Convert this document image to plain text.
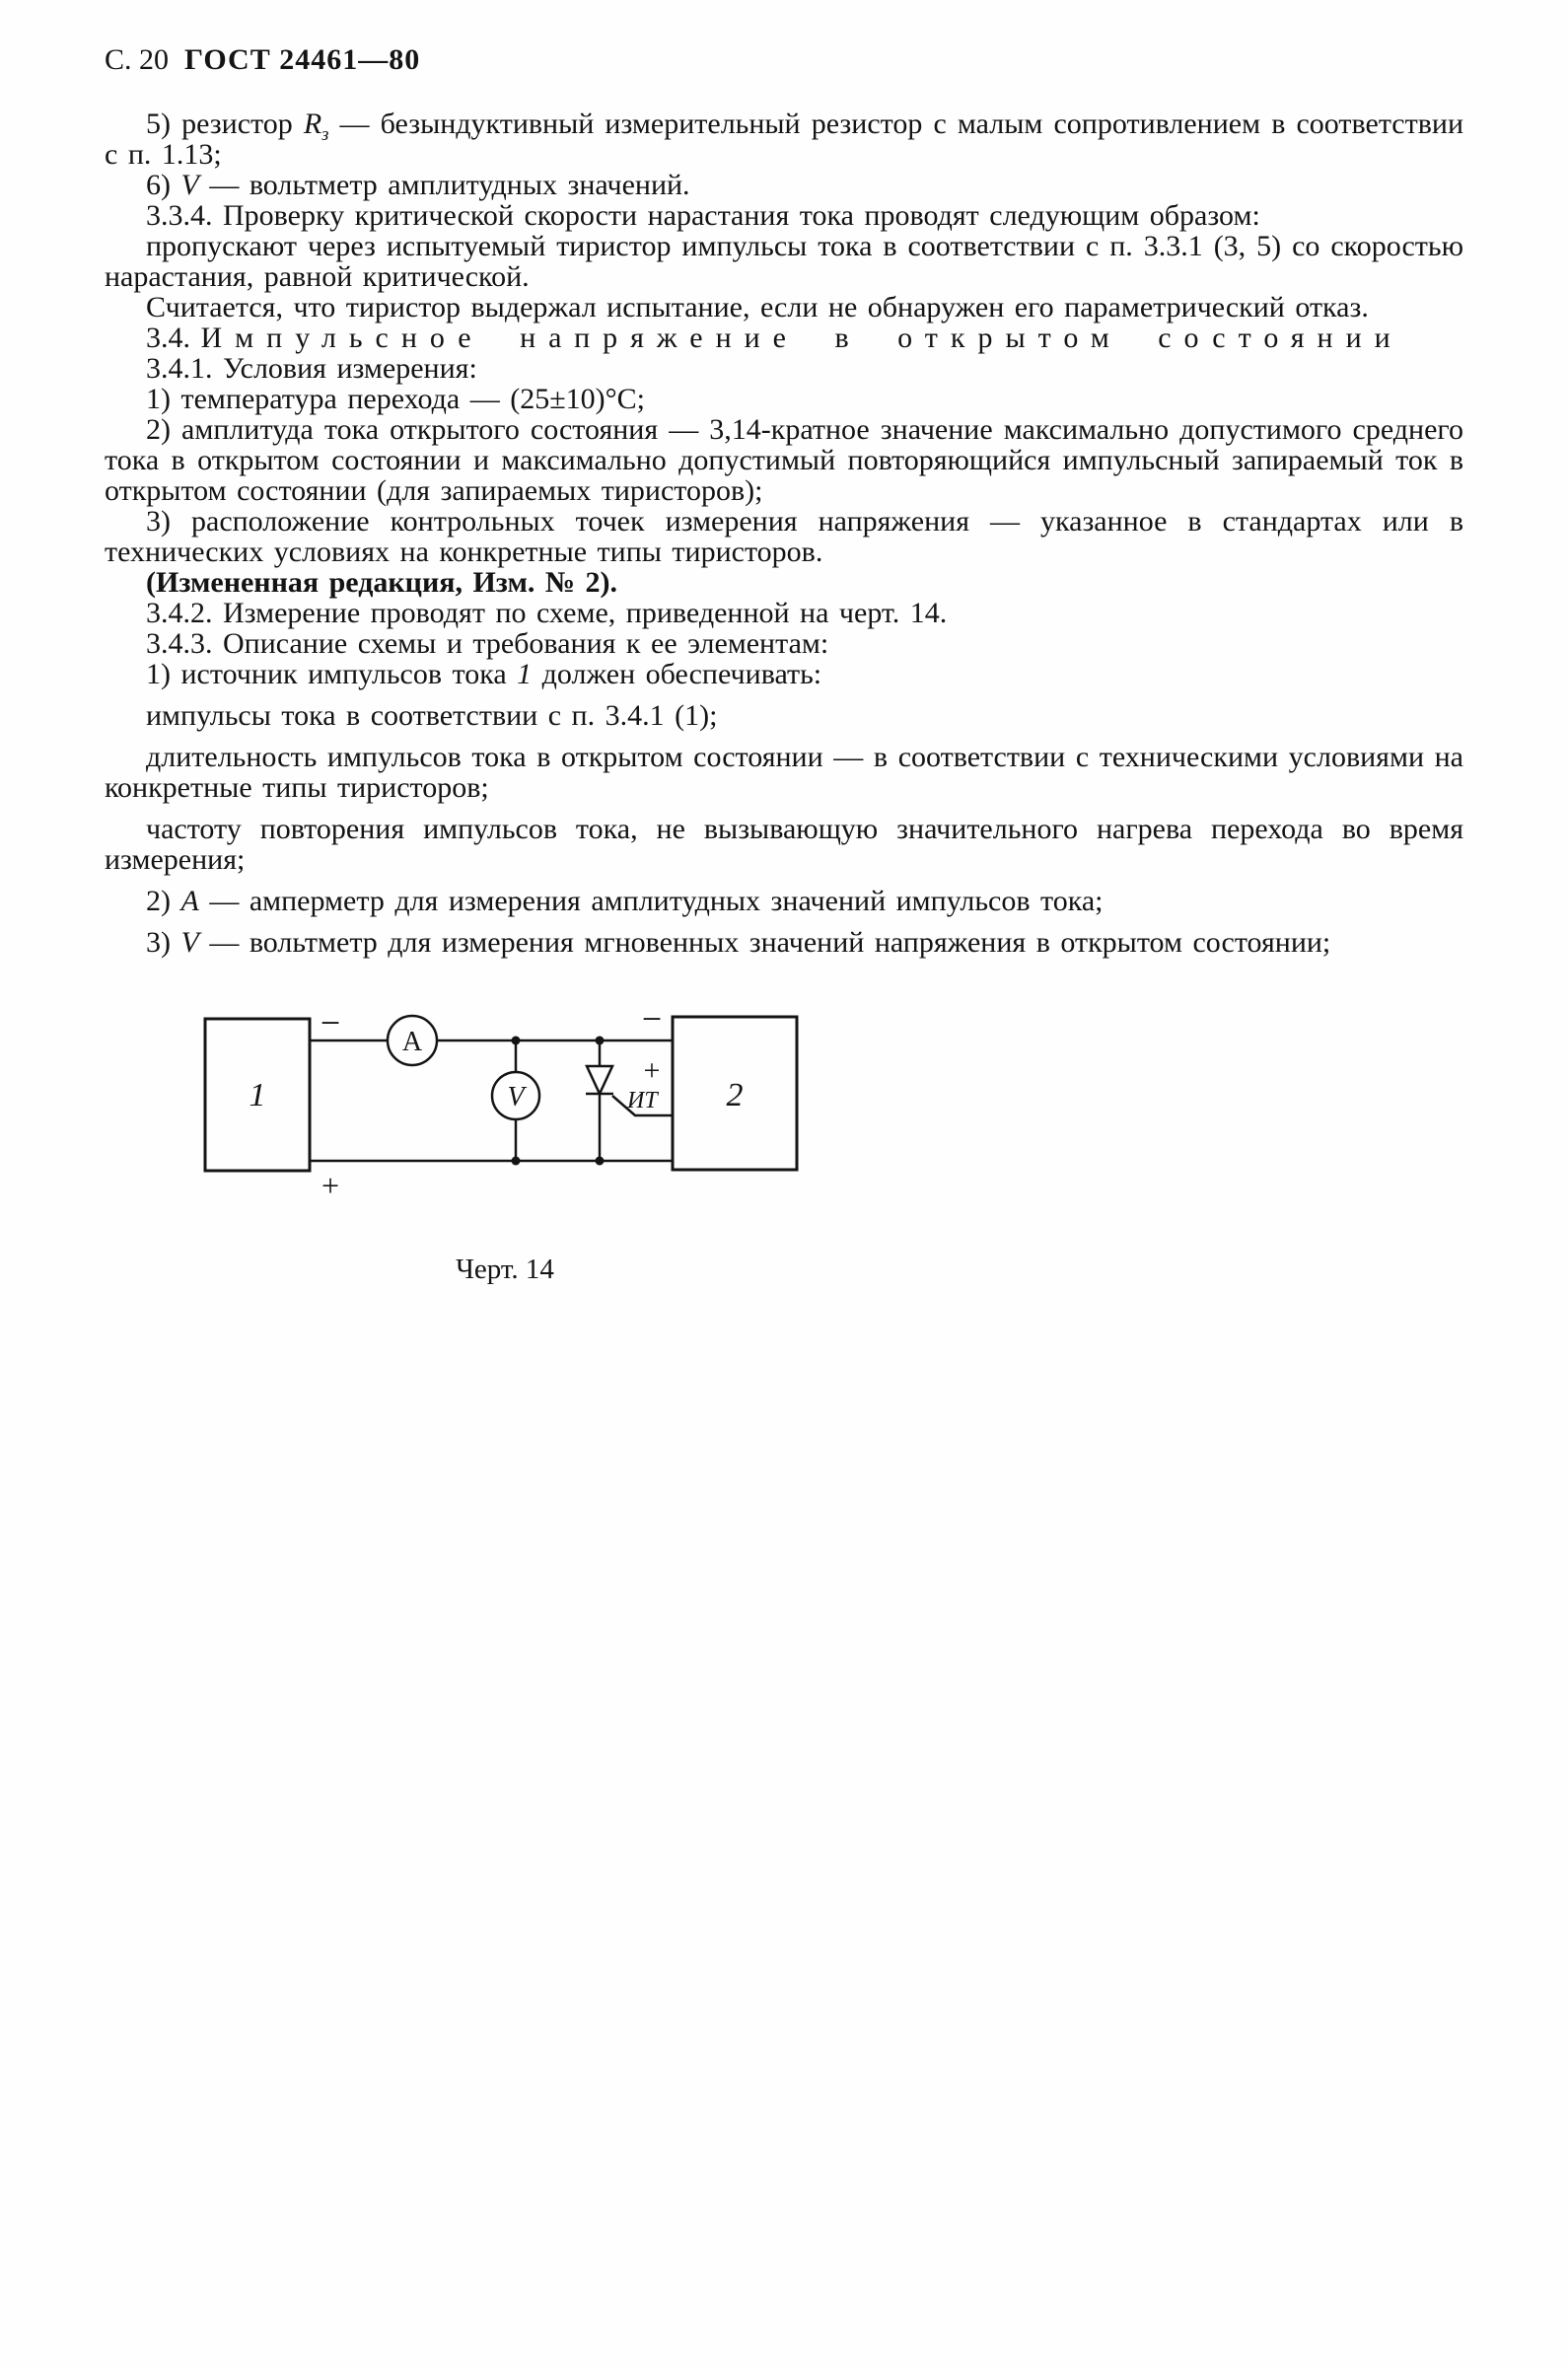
С. 20 ГОСТ 24461—80

5) резистор $R_з$ — безындуктивный измерительный резистор с малым сопротивлением в соответствии с п. 1.13;

6) V — вольтметр амплитудных значений.

3.3.4. Проверку критической скорости нарастания тока проводят следующим образом:

пропускают через испытуемый тиристор импульсы тока в соответствии с п. 3.3.1 (3, 5) со скоростью нарастания, равной критической.

Считается, что тиристор выдержал испытание, если не обнаружен его параметрический отказ.

3.4. Импульсное напряжение в открытом состоянии

3.4.1. Условия измерения:

1) температура перехода — (25±10)°С;

2) амплитуда тока открытого состояния — 3,14-кратное значение максимально допустимого среднего тока в открытом состоянии и максимально допустимый повторяющийся импульсный запираемый ток в открытом состоянии (для запираемых тиристоров);

3) расположение контрольных точек измерения напряжения — указанное в стандартах или в технических условиях на конкретные типы тиристоров.

(Измененная редакция, Изм. № 2).

3.4.2. Измерение проводят по схеме, приведенной на черт. 14.

3.4.3. Описание схемы и требования к ее элементам:

1) источник импульсов тока 1 должен обеспечивать:

импульсы тока в соответствии с п. 3.4.1 (1);

длительность импульсов тока в открытом состоянии — в соответствии с техническими условиями на конкретные типы тиристоров;

частоту повторения импульсов тока, не вызывающую значительного нагрева перехода во время измерения;

2) А — амперметр для измерения амплитудных значений импульсов тока;

3) V — вольтметр для измерения мгновенных значений напряжения в открытом состоянии;

1	2
A
V	ИТ
+
−	−
+
Черт. 14
